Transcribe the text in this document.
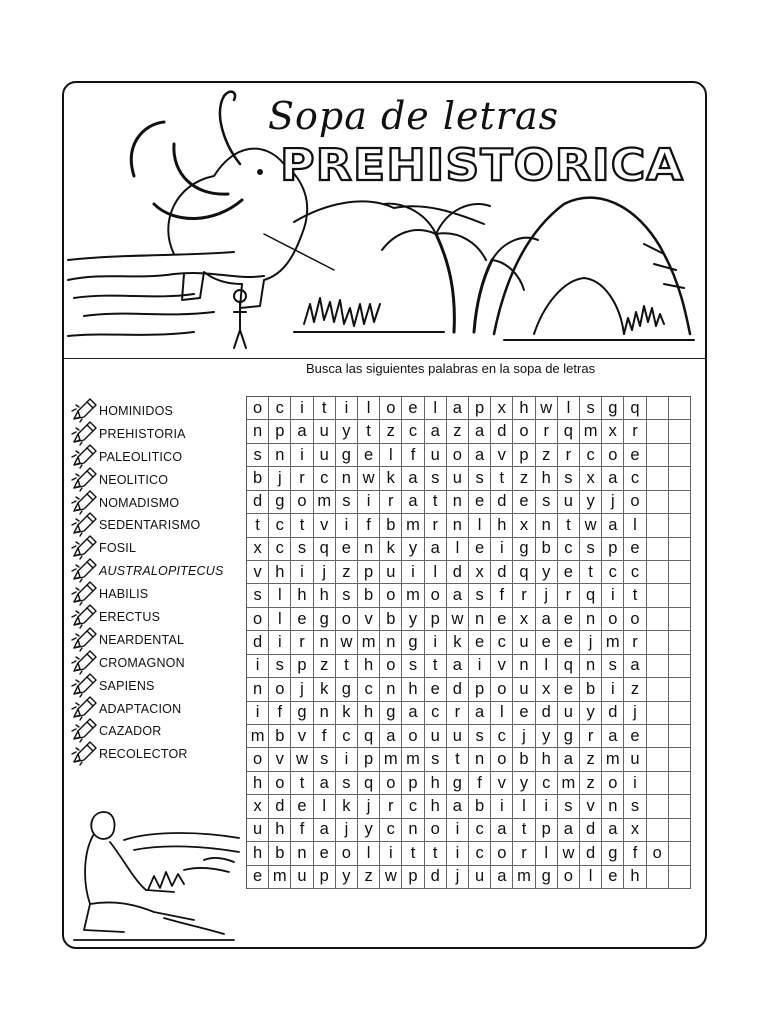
Sopa de letras
PREHISTORICA
Busca las siguientes palabras en la sopa de letras
HOMINIDOS
PREHISTORIA
PALEOLITICO
NEOLITICO
NOMADISMO
SEDENTARISMO
FOSIL
AUSTRALOPITECUS
HABILIS
ERECTUS
NEARDENTAL
CROMAGNON
SAPIENS
ADAPTACION
CAZADOR
RECOLECTOR
o c i	t	i	l o e l a p x h w l s g q
n p a u y t z c a z a d o r q m x r
s n i u g e l	f u o a v p z r c o e
b j	r c n w k a s u s t z h s x a c
d g o m s i	r a t n e d e s u y j o
t c t v i	f b m r n l h x n t w a l
x c s q e n k y a l e i g b c s p e
v h i	j z p u i	l d x d q y e t c c
s l h h s b o m o a s f	r	j	r q i	t
o l e g o v b y p w n e x a e n o o
d i	r n w m n g i k e c u e e j m r
i s p z t h o s t a i v n l q n s a
n o j k g c n h e d p o u x e b i z
i	f g n k h g a c r a l e d u y d j
m b v f c q a o u u s c j y g r a e
o v w s i p m m s t n o b h a z m u
h o t a s q o p h g f v y c m z o i
x d e l k j	r c h a b i	l	i s v n s
u h f a j y c n o i c a t p a d a x
h b n e o l	i	t	t	i c o r	l w d g f o
e m u p y z w p d j u a m g o l e h
